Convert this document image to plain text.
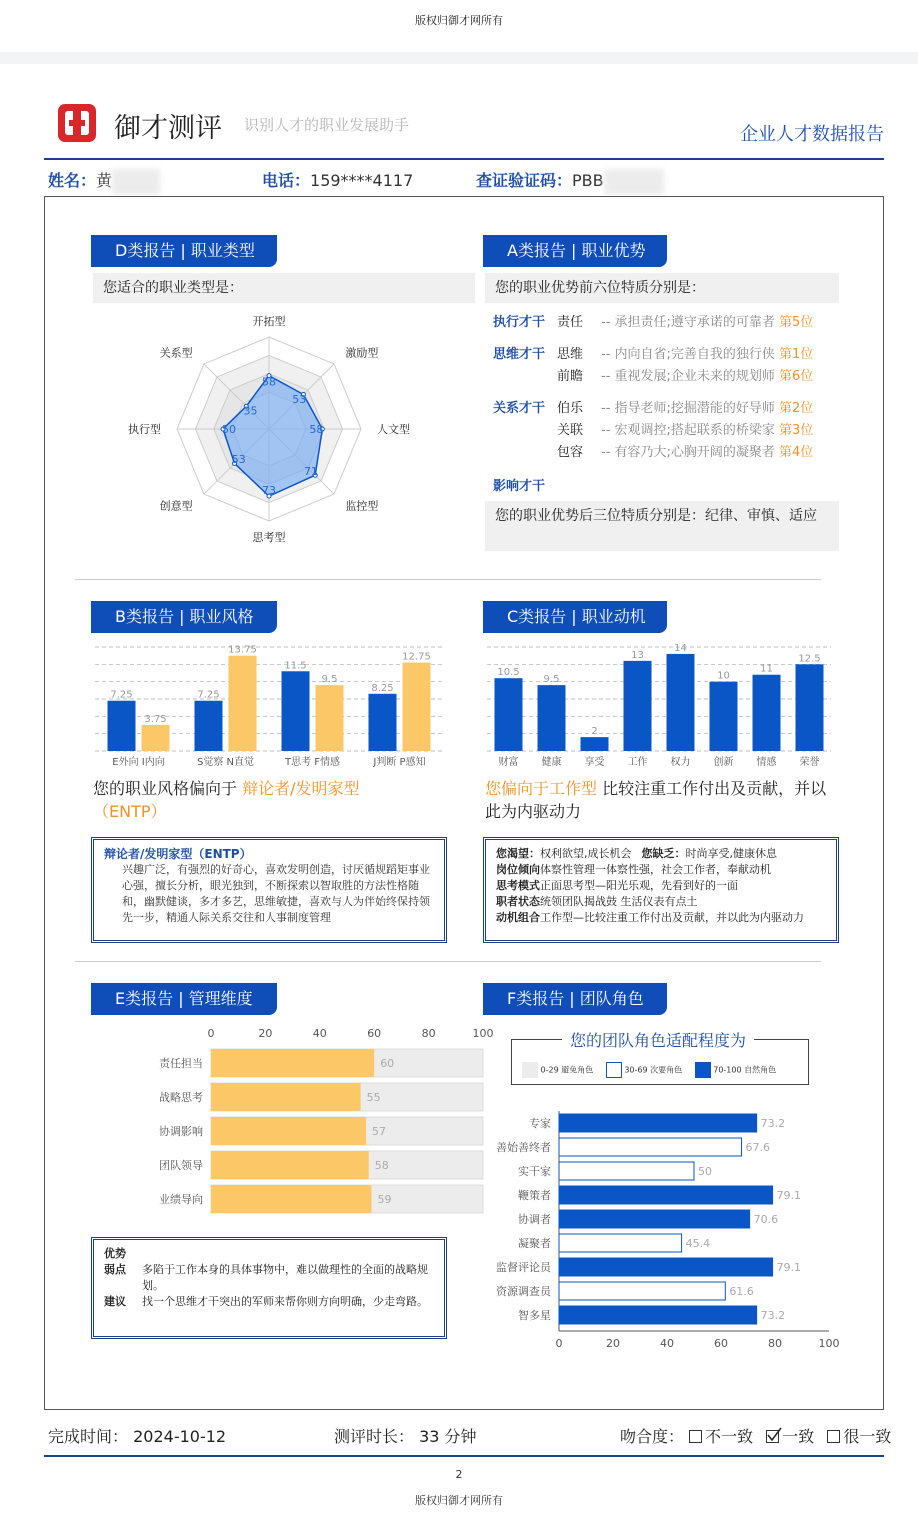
版权归御才网所有
御才测评 识别人才的职业发展助手	企业人才数据报告
姓名：黄	电话：159****4117	查证验证码：PBB
D类报告 | 职业类型
您适合的职业类型是：
58
53
58
71
73
53
50
35
开拓型
激励型
人文型
监控型
思考型
创意型
执行型
关系型
A类报告 | 职业优势
您的职业优势前六位特质分别是：
执行才干 责任 -- 承担责任;遵守承诺的可靠者 第5位
思维才干 思维 -- 内向自省;完善自我的独行侠 第1位
前瞻 -- 重视发展;企业未来的规划师 第6位
关系才干 伯乐 -- 指导老师;挖掘潜能的好导师 第2位
关联 -- 宏观调控;搭起联系的桥梁家 第3位
包容 -- 有容乃大;心胸开阔的凝聚者 第4位
影响才干
您的职业优势后三位特质分别是：纪律、审慎、适应
B类报告 | 职业风格
7.25
3.75
E外向 I内向
7.25
13.75
S觉察 N直觉
11.5
9.5
T思考 F情感
8.25
12.75
J判断 P感知
您的职业风格偏向于 辩论者/发明家型
（ENTP）
辩论者/发明家型（ENTP）
兴趣广泛，有强烈的好奇心，喜欢发明创造，讨厌循规蹈矩事业心强，擅长分析，眼光独到，不断探索以智取胜的方法性格随和，幽默健谈，多才多艺，思维敏捷，喜欢与人为伴始终保持领先一步，精通人际关系交往和人事制度管理
C类报告 | 职业动机
10.5
财富
9.5
健康
2
享受
13
工作
14
权力
10
创新
11
情感
12.5
荣誉
您偏向于工作型 比较注重工作付出及贡献，并以此为内驱动力
您渴望：权利欲望,成长机会 您缺乏：时尚享受,健康休息
岗位倾向体察性管理一体察性强，社会工作者，奉献动机
思考模式正面思考型—阳光乐观，先看到好的一面
职者状态统领团队揭战鼓 生活仪表有点土
动机组合工作型—比较注重工作付出及贡献，并以此为内驱动力
E类报告 | 管理维度
0	20	40	60	80	100
60
责任担当
55
战略思考
57
协调影响
58
团队领导
59
业绩导向
优势
弱点	多陷于工作本身的具体事物中，难以做理性的全面的战略规划。
建议	找一个思维才干突出的军师来帮你则方向明确，少走弯路。
F类报告 | 团队角色
您的团队角色适配程度为
0-29 避免角色	30-69 次要角色	70-100 自然角色
0	20	40	60	80	100
73.2
专家
67.6
善始善终者
50
实干家
79.1
鞭策者
70.6
协调者
45.4
凝聚者
79.1
监督评论员
61.6
资源调查员
73.2
智多星
完成时间： 2024-10-12	测评时长： 33 分钟	吻合度： 不一致 一致 很一致
2
版权归御才网所有
